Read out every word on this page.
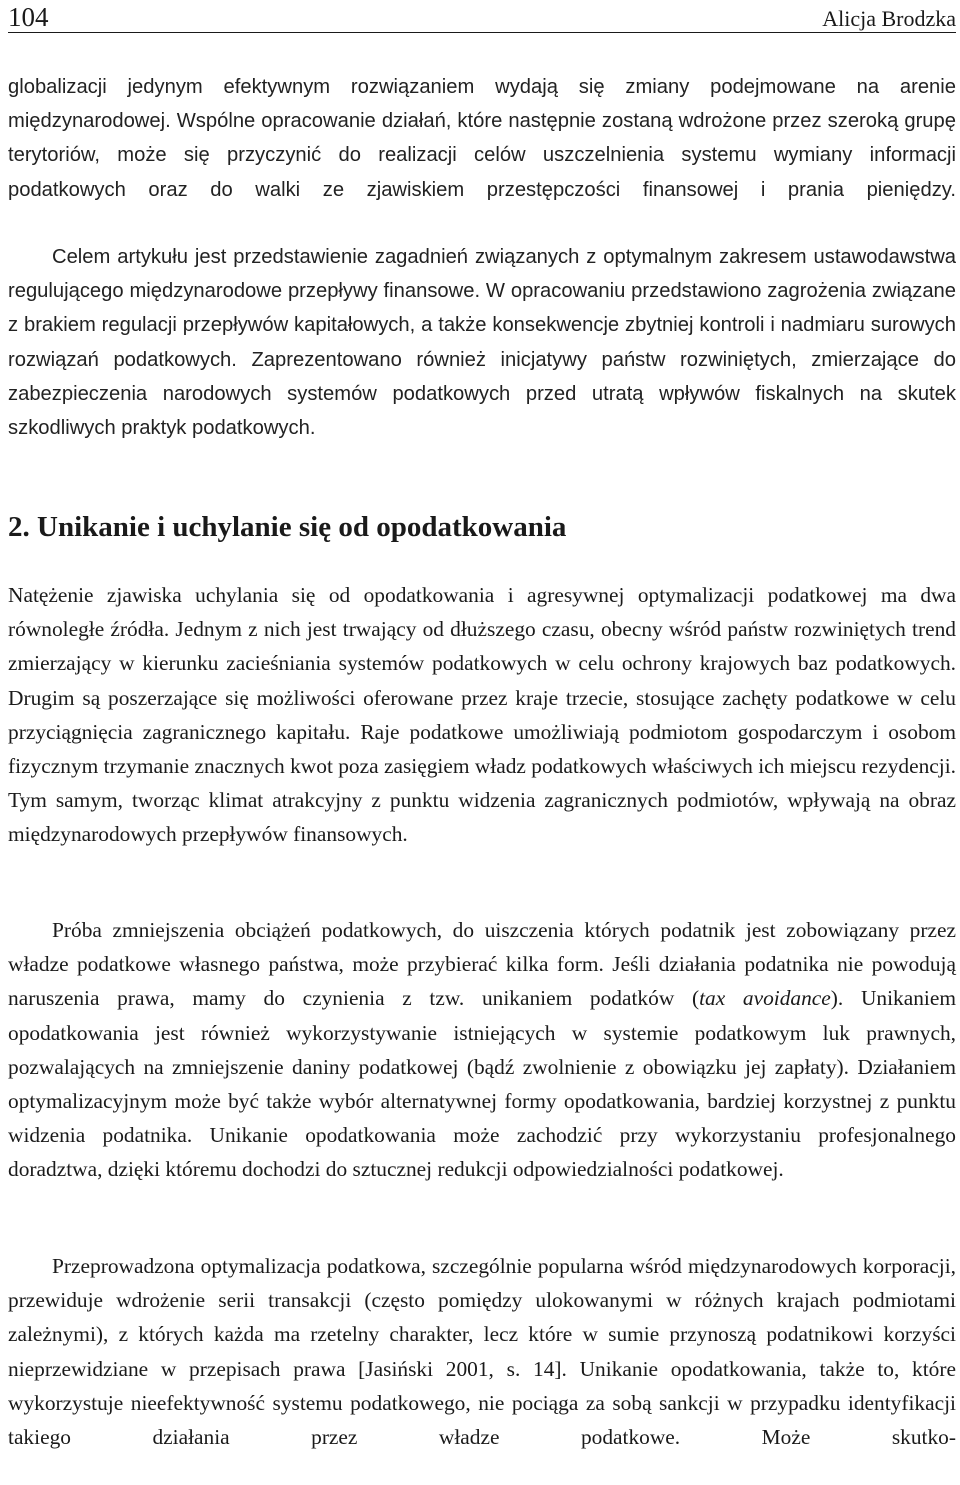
104	Alicja Brodzka

globalizacji jedynym efektywnym rozwiązaniem wydają się zmiany podejmowane na arenie międzynarodowej. Wspólne opracowanie działań, które następnie zostaną wdrożone przez szeroką grupę terytoriów, może się przyczynić do realizacji celów uszczelnienia systemu wymiany informacji podatkowych oraz do walki ze zjawiskiem przestępczości finansowej i prania pieniędzy.

Celem artykułu jest przedstawienie zagadnień związanych z optymalnym zakresem ustawodawstwa regulującego międzynarodowe przepływy finansowe. W opracowaniu przedstawiono zagrożenia związane z brakiem regulacji przepływów kapitałowych, a także konsekwencje zbytniej kontroli i nadmiaru surowych rozwiązań podatkowych. Zaprezentowano również inicjatywy państw rozwiniętych, zmierzające do zabezpieczenia narodowych systemów podatkowych przed utratą wpływów fiskalnych na skutek szkodliwych praktyk podatkowych.

2. Unikanie i uchylanie się od opodatkowania

Natężenie zjawiska uchylania się od opodatkowania i agresywnej optymalizacji podatkowej ma dwa równoległe źródła. Jednym z nich jest trwający od dłuższego czasu, obecny wśród państw rozwiniętych trend zmierzający w kierunku zacieśniania systemów podatkowych w celu ochrony krajowych baz podatkowych. Drugim są poszerzające się możliwości oferowane przez kraje trzecie, stosujące zachęty podatkowe w celu przyciągnięcia zagranicznego kapitału. Raje podatkowe umożliwiają podmiotom gospodarczym i osobom fizycznym trzymanie znacznych kwot poza zasięgiem władz podatkowych właściwych ich miejscu rezydencji. Tym samym, tworząc klimat atrakcyjny z punktu widzenia zagranicznych podmiotów, wpływają na obraz międzynarodowych przepływów finansowych.

Próba zmniejszenia obciążeń podatkowych, do uiszczenia których podatnik jest zobowiązany przez władze podatkowe własnego państwa, może przybierać kilka form. Jeśli działania podatnika nie powodują naruszenia prawa, mamy do czynienia z tzw. unikaniem podatków (tax avoidance). Unikaniem opodatkowania jest również wykorzystywanie istniejących w systemie podatkowym luk prawnych, pozwalających na zmniejszenie daniny podatkowej (bądź zwolnienie z obowiązku jej zapłaty). Działaniem optymalizacyjnym może być także wybór alternatywnej formy opodatkowania, bardziej korzystnej z punktu widzenia podatnika. Unikanie opodatkowania może zachodzić przy wykorzystaniu profesjonalnego doradztwa, dzięki któremu dochodzi do sztucznej redukcji odpowiedzialności podatkowej.

Przeprowadzona optymalizacja podatkowa, szczególnie popularna wśród międzynarodowych korporacji, przewiduje wdrożenie serii transakcji (często pomiędzy ulokowanymi w różnych krajach podmiotami zależnymi), z których każda ma rzetelny charakter, lecz które w sumie przynoszą podatnikowi korzyści nieprzewidziane w przepisach prawa [Jasiński 2001, s. 14]. Unikanie opodatkowania, także to, które wykorzystuje nieefektywność systemu podatkowego, nie pociąga za sobą sankcji w przypadku identyfikacji takiego działania przez władze podatkowe. Może skutko-
